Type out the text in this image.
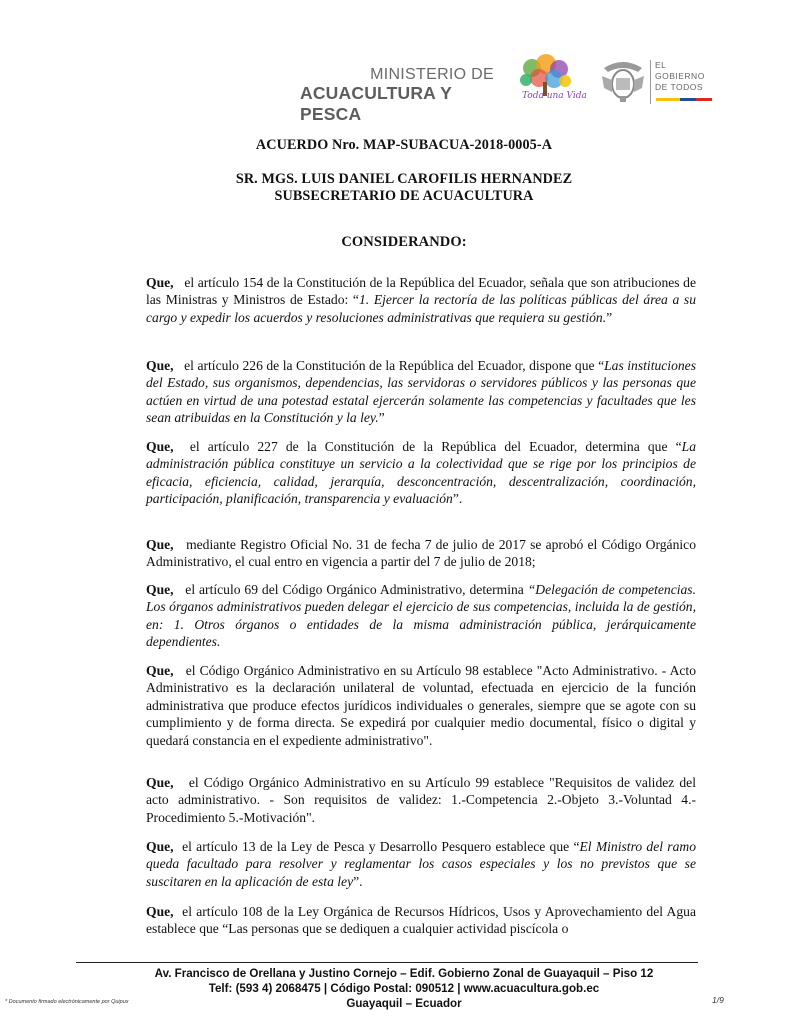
MINISTERIO DE
ACUACULTURA Y PESCA
Toda una Vida
EL
GOBIERNO
DE TODOS
ACUERDO Nro. MAP-SUBACUA-2018-0005-A
SR. MGS. LUIS DANIEL CAROFILIS HERNANDEZ
SUBSECRETARIO DE ACUACULTURA
CONSIDERANDO:
Que, el artículo 154 de la Constitución de la República del Ecuador, señala que son atribuciones de las Ministras y Ministros de Estado: “1. Ejercer la rectoría de las políticas públicas del área a su cargo y expedir los acuerdos y resoluciones administrativas que requiera su gestión.”
Que, el artículo 226 de la Constitución de la República del Ecuador, dispone que “Las instituciones del Estado, sus organismos, dependencias, las servidoras o servidores públicos y las personas que actúen en virtud de una potestad estatal ejercerán solamente las competencias y facultades que les sean atribuidas en la Constitución y la ley.”
Que, el artículo 227 de la Constitución de la República del Ecuador, determina que “La administración pública constituye un servicio a la colectividad que se rige por los principios de eficacia, eficiencia, calidad, jerarquía, desconcentración, descentralización, coordinación, participación, planificación, transparencia y evaluación”.
Que, mediante Registro Oficial No. 31 de fecha 7 de julio de 2017 se aprobó el Código Orgánico Administrativo, el cual entro en vigencia a partir del 7 de julio de 2018;
Que, el artículo 69 del Código Orgánico Administrativo, determina “Delegación de competencias. Los órganos administrativos pueden delegar el ejercicio de sus competencias, incluida la de gestión, en: 1. Otros órganos o entidades de la misma administración pública, jerárquicamente dependientes.
Que, el Código Orgánico Administrativo en su Artículo 98 establece "Acto Administrativo. - Acto Administrativo es la declaración unilateral de voluntad, efectuada en ejercicio de la función administrativa que produce efectos jurídicos individuales o generales, siempre que se agote con su cumplimiento y de forma directa. Se expedirá por cualquier medio documental, físico o digital y quedará constancia en el expediente administrativo".
Que, el Código Orgánico Administrativo en su Artículo 99 establece "Requisitos de validez del acto administrativo. - Son requisitos de validez: 1.-Competencia 2.-Objeto 3.-Voluntad 4.-Procedimiento 5.-Motivación".
Que, el artículo 13 de la Ley de Pesca y Desarrollo Pesquero establece que “El Ministro del ramo queda facultado para resolver y reglamentar los casos especiales y los no previstos que se suscitaren en la aplicación de esta ley”.
Que, el artículo 108 de la Ley Orgánica de Recursos Hídricos, Usos y Aprovechamiento del Agua establece que “Las personas que se dediquen a cualquier actividad piscícola o
Av. Francisco de Orellana y Justino Cornejo – Edif. Gobierno Zonal de Guayaquil – Piso 12
Telf: (593 4) 2068475 | Código Postal: 090512 | www.acuacultura.gob.ec
Guayaquil – Ecuador
* Documento firmado electrónicamente por Quipux	1/9
